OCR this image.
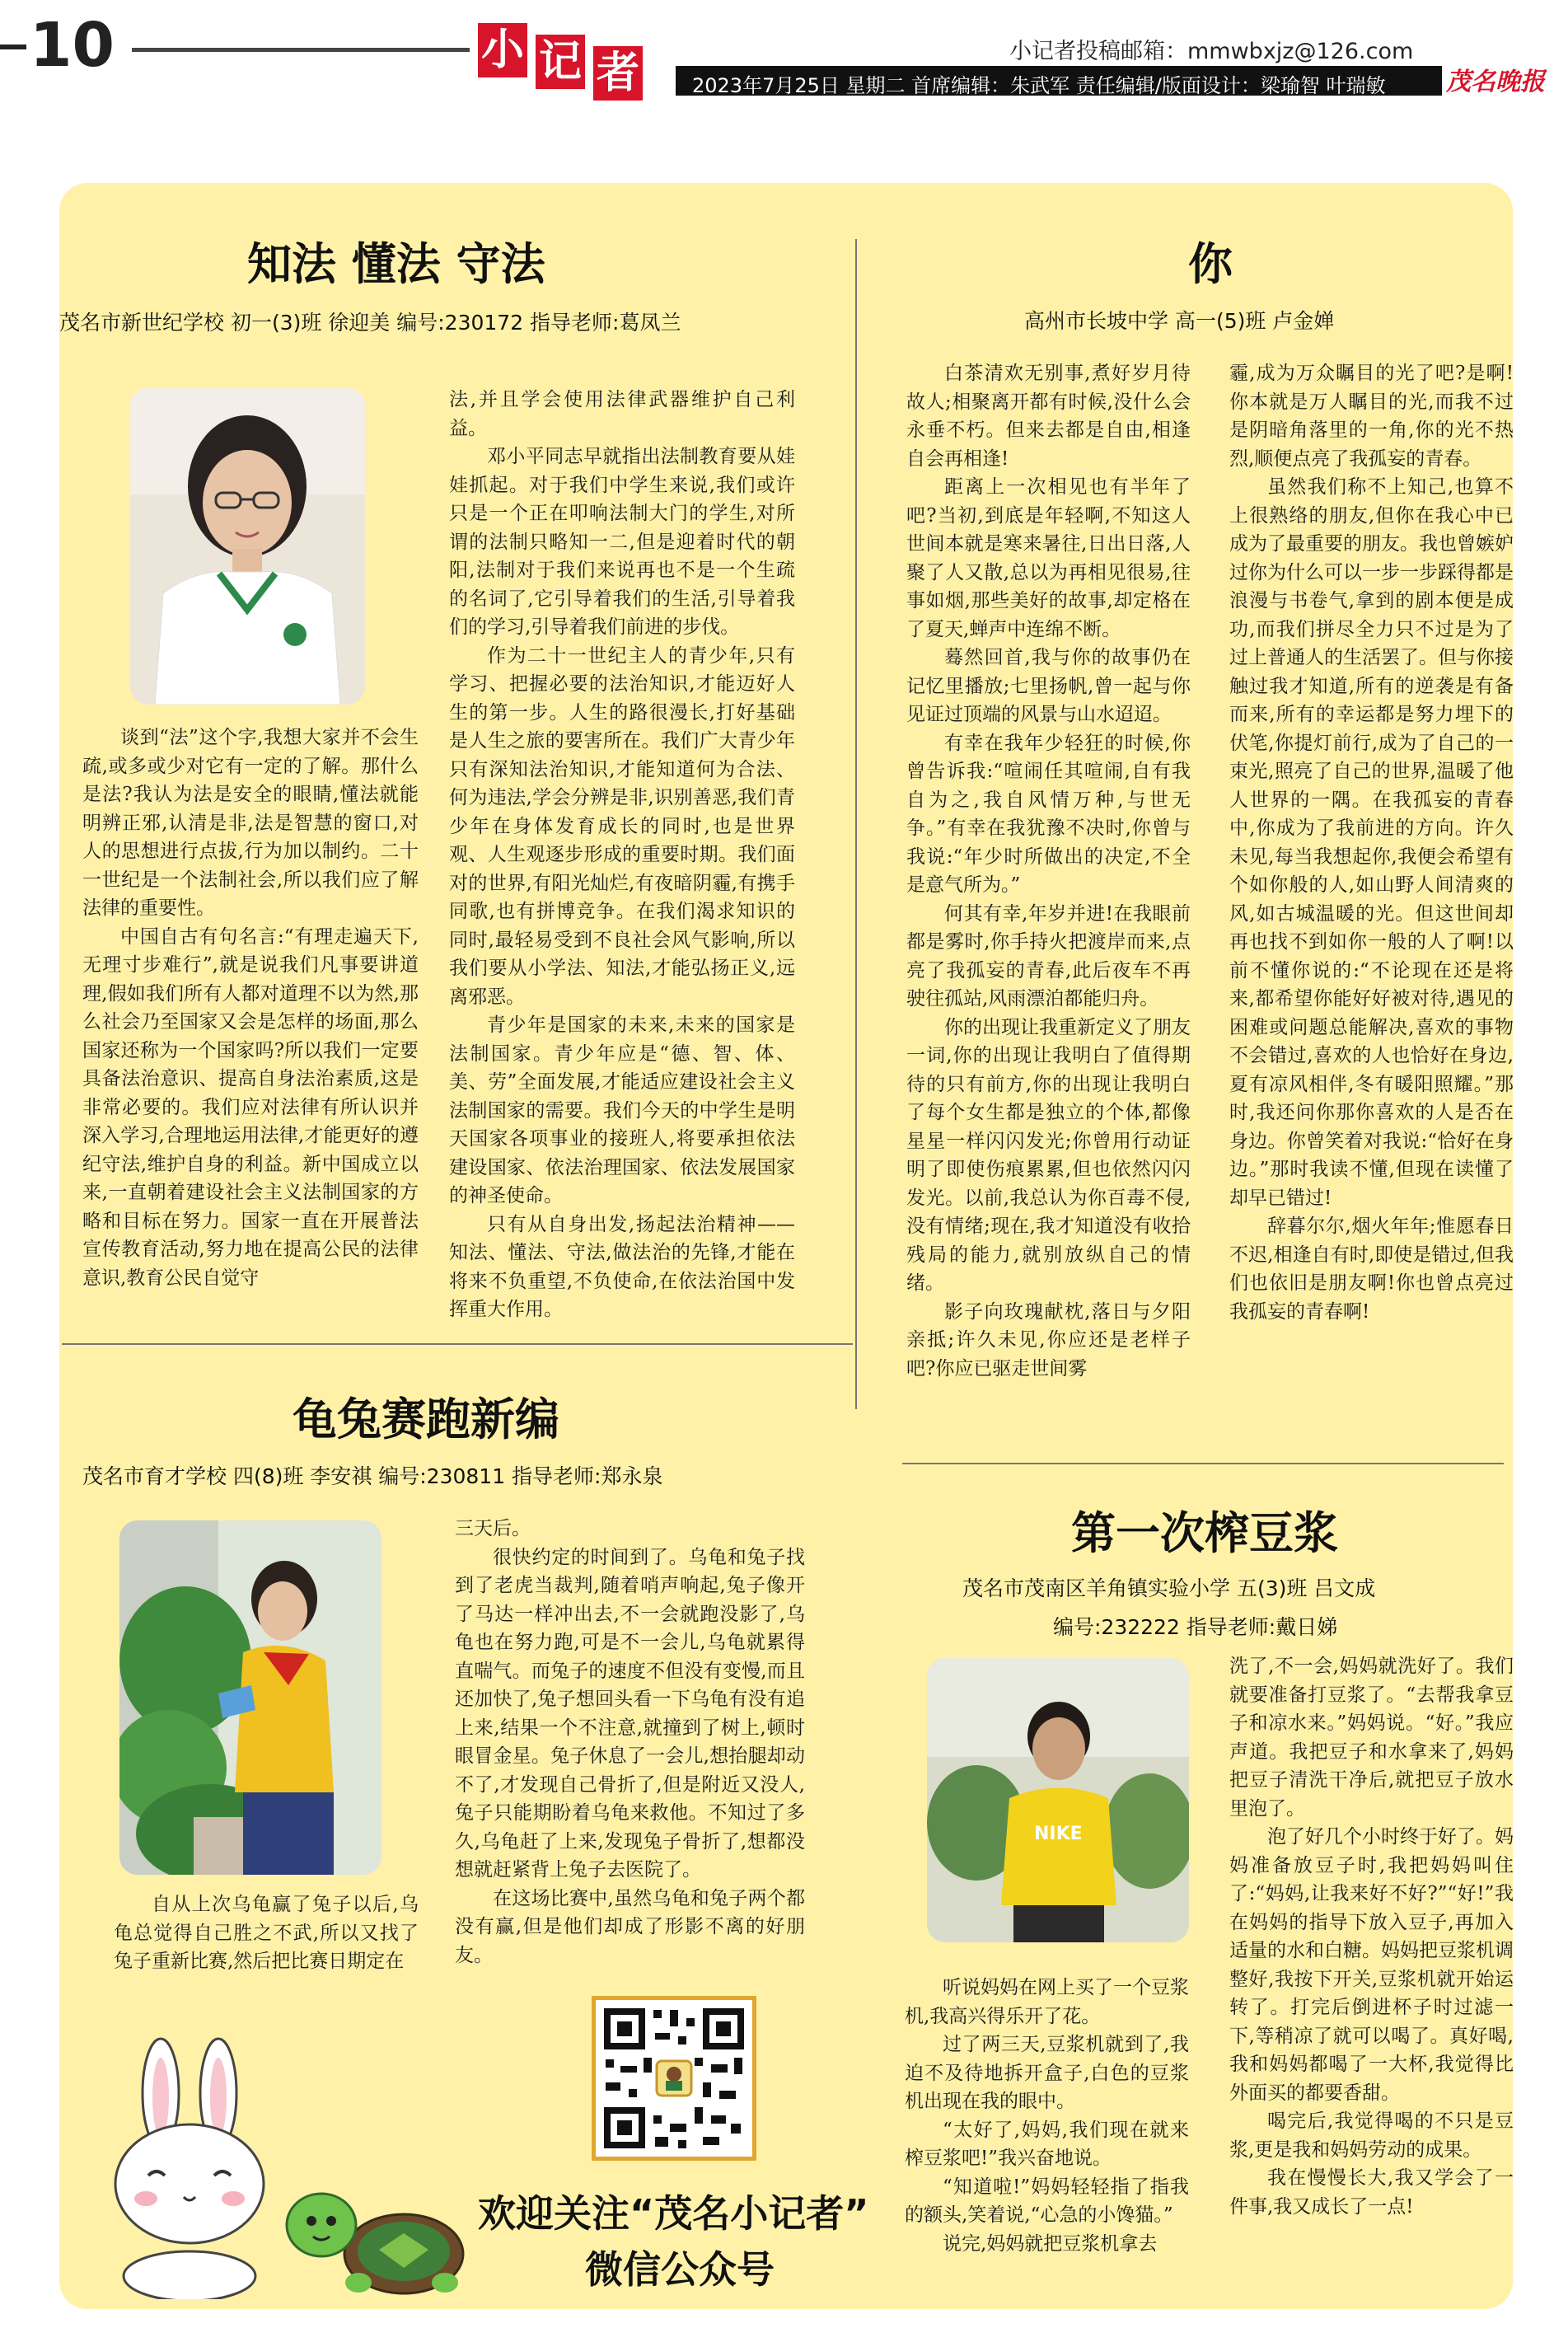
10	小 记 者	小记者投稿邮箱：mmwbxjz@126.com
2023年7月25日 星期二 首席编辑：朱武军 责任编辑/版面设计：梁瑜智 叶瑞敏 茂名晚报
知法 懂法 守法
茂名市新世纪学校 初一(3)班 徐迎美 编号:230172 指导老师:葛凤兰

谈到“法”这个字,我想大家并不会生疏,或多或少对它有一定的了解。那什么是法?我认为法是安全的眼睛,懂法就能明辨正邪,认清是非,法是智慧的窗口,对人的思想进行点拔,行为加以制约。二十一世纪是一个法制社会,所以我们应了解法律的重要性。

中国自古有句名言:“有理走遍天下,无理寸步难行”,就是说我们凡事要讲道理,假如我们所有人都对道理不以为然,那么社会乃至国家又会是怎样的场面,那么国家还称为一个国家吗?所以我们一定要具备法治意识、提高自身法治素质,这是非常必要的。我们应对法律有所认识并深入学习,合理地运用法律,才能更好的遵纪守法,维护自身的利益。新中国成立以来,一直朝着建设社会主义法制国家的方略和目标在努力。国家一直在开展普法宣传教育活动,努力地在提高公民的法律意识,教育公民自觉守

法,并且学会使用法律武器维护自己利益。

邓小平同志早就指出法制教育要从娃娃抓起。对于我们中学生来说,我们或许只是一个正在叩响法制大门的学生,对所谓的法制只略知一二,但是迎着时代的朝阳,法制对于我们来说再也不是一个生疏的名词了,它引导着我们的生活,引导着我们的学习,引导着我们前进的步伐。

作为二十一世纪主人的青少年,只有学习、把握必要的法治知识,才能迈好人生的第一步。人生的路很漫长,打好基础是人生之旅的要害所在。我们广大青少年只有深知法治知识,才能知道何为合法、何为违法,学会分辨是非,识别善恶,我们青少年在身体发育成长的同时,也是世界观、人生观逐步形成的重要时期。我们面对的世界,有阳光灿烂,有夜暗阴霾,有携手同歌,也有拼博竞争。在我们渴求知识的同时,最轻易受到不良社会风气影响,所以我们要从小学法、知法,才能弘扬正义,远离邪恶。

青少年是国家的未来,未来的国家是法制国家。青少年应是“德、智、体、美、劳”全面发展,才能适应建设社会主义法制国家的需要。我们今天的中学生是明天国家各项事业的接班人,将要承担依法建设国家、依法治理国家、依法发展国家的神圣使命。

只有从自身出发,扬起法治精神——知法、懂法、守法,做法治的先锋,才能在将来不负重望,不负使命,在依法治国中发挥重大作用。

你
高州市长坡中学 高一(5)班 卢金婵

白茶清欢无别事,煮好岁月待故人;相聚离开都有时候,没什么会永垂不朽。但来去都是自由,相逢自会再相逢!

距离上一次相见也有半年了吧?当初,到底是年轻啊,不知这人世间本就是寒来暑往,日出日落,人聚了人又散,总以为再相见很易,往事如烟,那些美好的故事,却定格在了夏天,蝉声中连绵不断。

蓦然回首,我与你的故事仍在记忆里播放;七里扬帆,曾一起与你见证过顶端的风景与山水迢迢。

有幸在我年少轻狂的时候,你曾告诉我:“喧闹任其喧闹,自有我自为之,我自风情万种,与世无争。”有幸在我犹豫不决时,你曾与我说:“年少时所做出的决定,不全是意气所为。”

何其有幸,年岁并进!在我眼前都是雾时,你手持火把渡岸而来,点亮了我孤妄的青春,此后夜车不再驶往孤站,风雨漂泊都能归舟。

你的出现让我重新定义了朋友一词,你的出现让我明白了值得期待的只有前方,你的出现让我明白了每个女生都是独立的个体,都像星星一样闪闪发光;你曾用行动证明了即使伤痕累累,但也依然闪闪发光。以前,我总认为你百毒不侵,没有情绪;现在,我才知道没有收拾残局的能力,就别放纵自己的情绪。

影子向玫瑰献枕,落日与夕阳亲抵;许久未见,你应还是老样子吧?你应已驱走世间雾

霾,成为万众瞩目的光了吧?是啊!你本就是万人瞩目的光,而我不过是阴暗角落里的一角,你的光不热烈,顺便点亮了我孤妄的青春。

虽然我们称不上知己,也算不上很熟络的朋友,但你在我心中已成为了最重要的朋友。我也曾嫉妒过你为什么可以一步一步踩得都是浪漫与书卷气,拿到的剧本便是成功,而我们拼尽全力只不过是为了过上普通人的生活罢了。但与你接触过我才知道,所有的逆袭是有备而来,所有的幸运都是努力埋下的伏笔,你提灯前行,成为了自己的一束光,照亮了自己的世界,温暖了他人世界的一隅。在我孤妄的青春中,你成为了我前进的方向。许久未见,每当我想起你,我便会希望有个如你般的人,如山野人间清爽的风,如古城温暖的光。但这世间却再也找不到如你一般的人了啊!以前不懂你说的:“不论现在还是将来,都希望你能好好被对待,遇见的困难或问题总能解决,喜欢的事物不会错过,喜欢的人也恰好在身边,夏有凉风相伴,冬有暖阳照耀。”那时,我还问你那你喜欢的人是否在身边。你曾笑着对我说:“恰好在身边。”那时我读不懂,但现在读懂了却早已错过!

辞暮尔尔,烟火年年;惟愿春日不迟,相逢自有时,即使是错过,但我们也依旧是朋友啊!你也曾点亮过我孤妄的青春啊!

龟兔赛跑新编
茂名市育才学校 四(8)班 李安祺 编号:230811 指导老师:郑永泉

自从上次乌龟赢了兔子以后,乌龟总觉得自己胜之不武,所以又找了兔子重新比赛,然后把比赛日期定在

三天后。

很快约定的时间到了。乌龟和兔子找到了老虎当裁判,随着哨声响起,兔子像开了马达一样冲出去,不一会就跑没影了,乌龟也在努力跑,可是不一会儿,乌龟就累得直喘气。而兔子的速度不但没有变慢,而且还加快了,兔子想回头看一下乌龟有没有追上来,结果一个不注意,就撞到了树上,顿时眼冒金星。兔子休息了一会儿,想抬腿却动不了,才发现自己骨折了,但是附近又没人,兔子只能期盼着乌龟来救他。不知过了多久,乌龟赶了上来,发现兔子骨折了,想都没想就赶紧背上兔子去医院了。

在这场比赛中,虽然乌龟和兔子两个都没有赢,但是他们却成了形影不离的好朋友。

第一次榨豆浆
茂名市茂南区羊角镇实验小学 五(3)班 吕文成
编号:232222 指导老师:戴日娣
NIKE

听说妈妈在网上买了一个豆浆机,我高兴得乐开了花。

过了两三天,豆浆机就到了,我迫不及待地拆开盒子,白色的豆浆机出现在我的眼中。

“太好了,妈妈,我们现在就来榨豆浆吧!”我兴奋地说。

“知道啦!”妈妈轻轻指了指我的额头,笑着说,“心急的小馋猫。”

说完,妈妈就把豆浆机拿去

洗了,不一会,妈妈就洗好了。我们就要准备打豆浆了。“去帮我拿豆子和凉水来。”妈妈说。“好。”我应声道。我把豆子和水拿来了,妈妈把豆子清洗干净后,就把豆子放水里泡了。

泡了好几个小时终于好了。妈妈准备放豆子时,我把妈妈叫住了:“妈妈,让我来好不好?”“好!”我在妈妈的指导下放入豆子,再加入适量的水和白糖。妈妈把豆浆机调整好,我按下开关,豆浆机就开始运转了。打完后倒进杯子时过滤一下,等稍凉了就可以喝了。真好喝,我和妈妈都喝了一大杯,我觉得比外面买的都要香甜。

喝完后,我觉得喝的不只是豆浆,更是我和妈妈劳动的成果。

我在慢慢长大,我又学会了一件事,我又成长了一点!

欢迎关注“茂名小记者”
微信公众号
